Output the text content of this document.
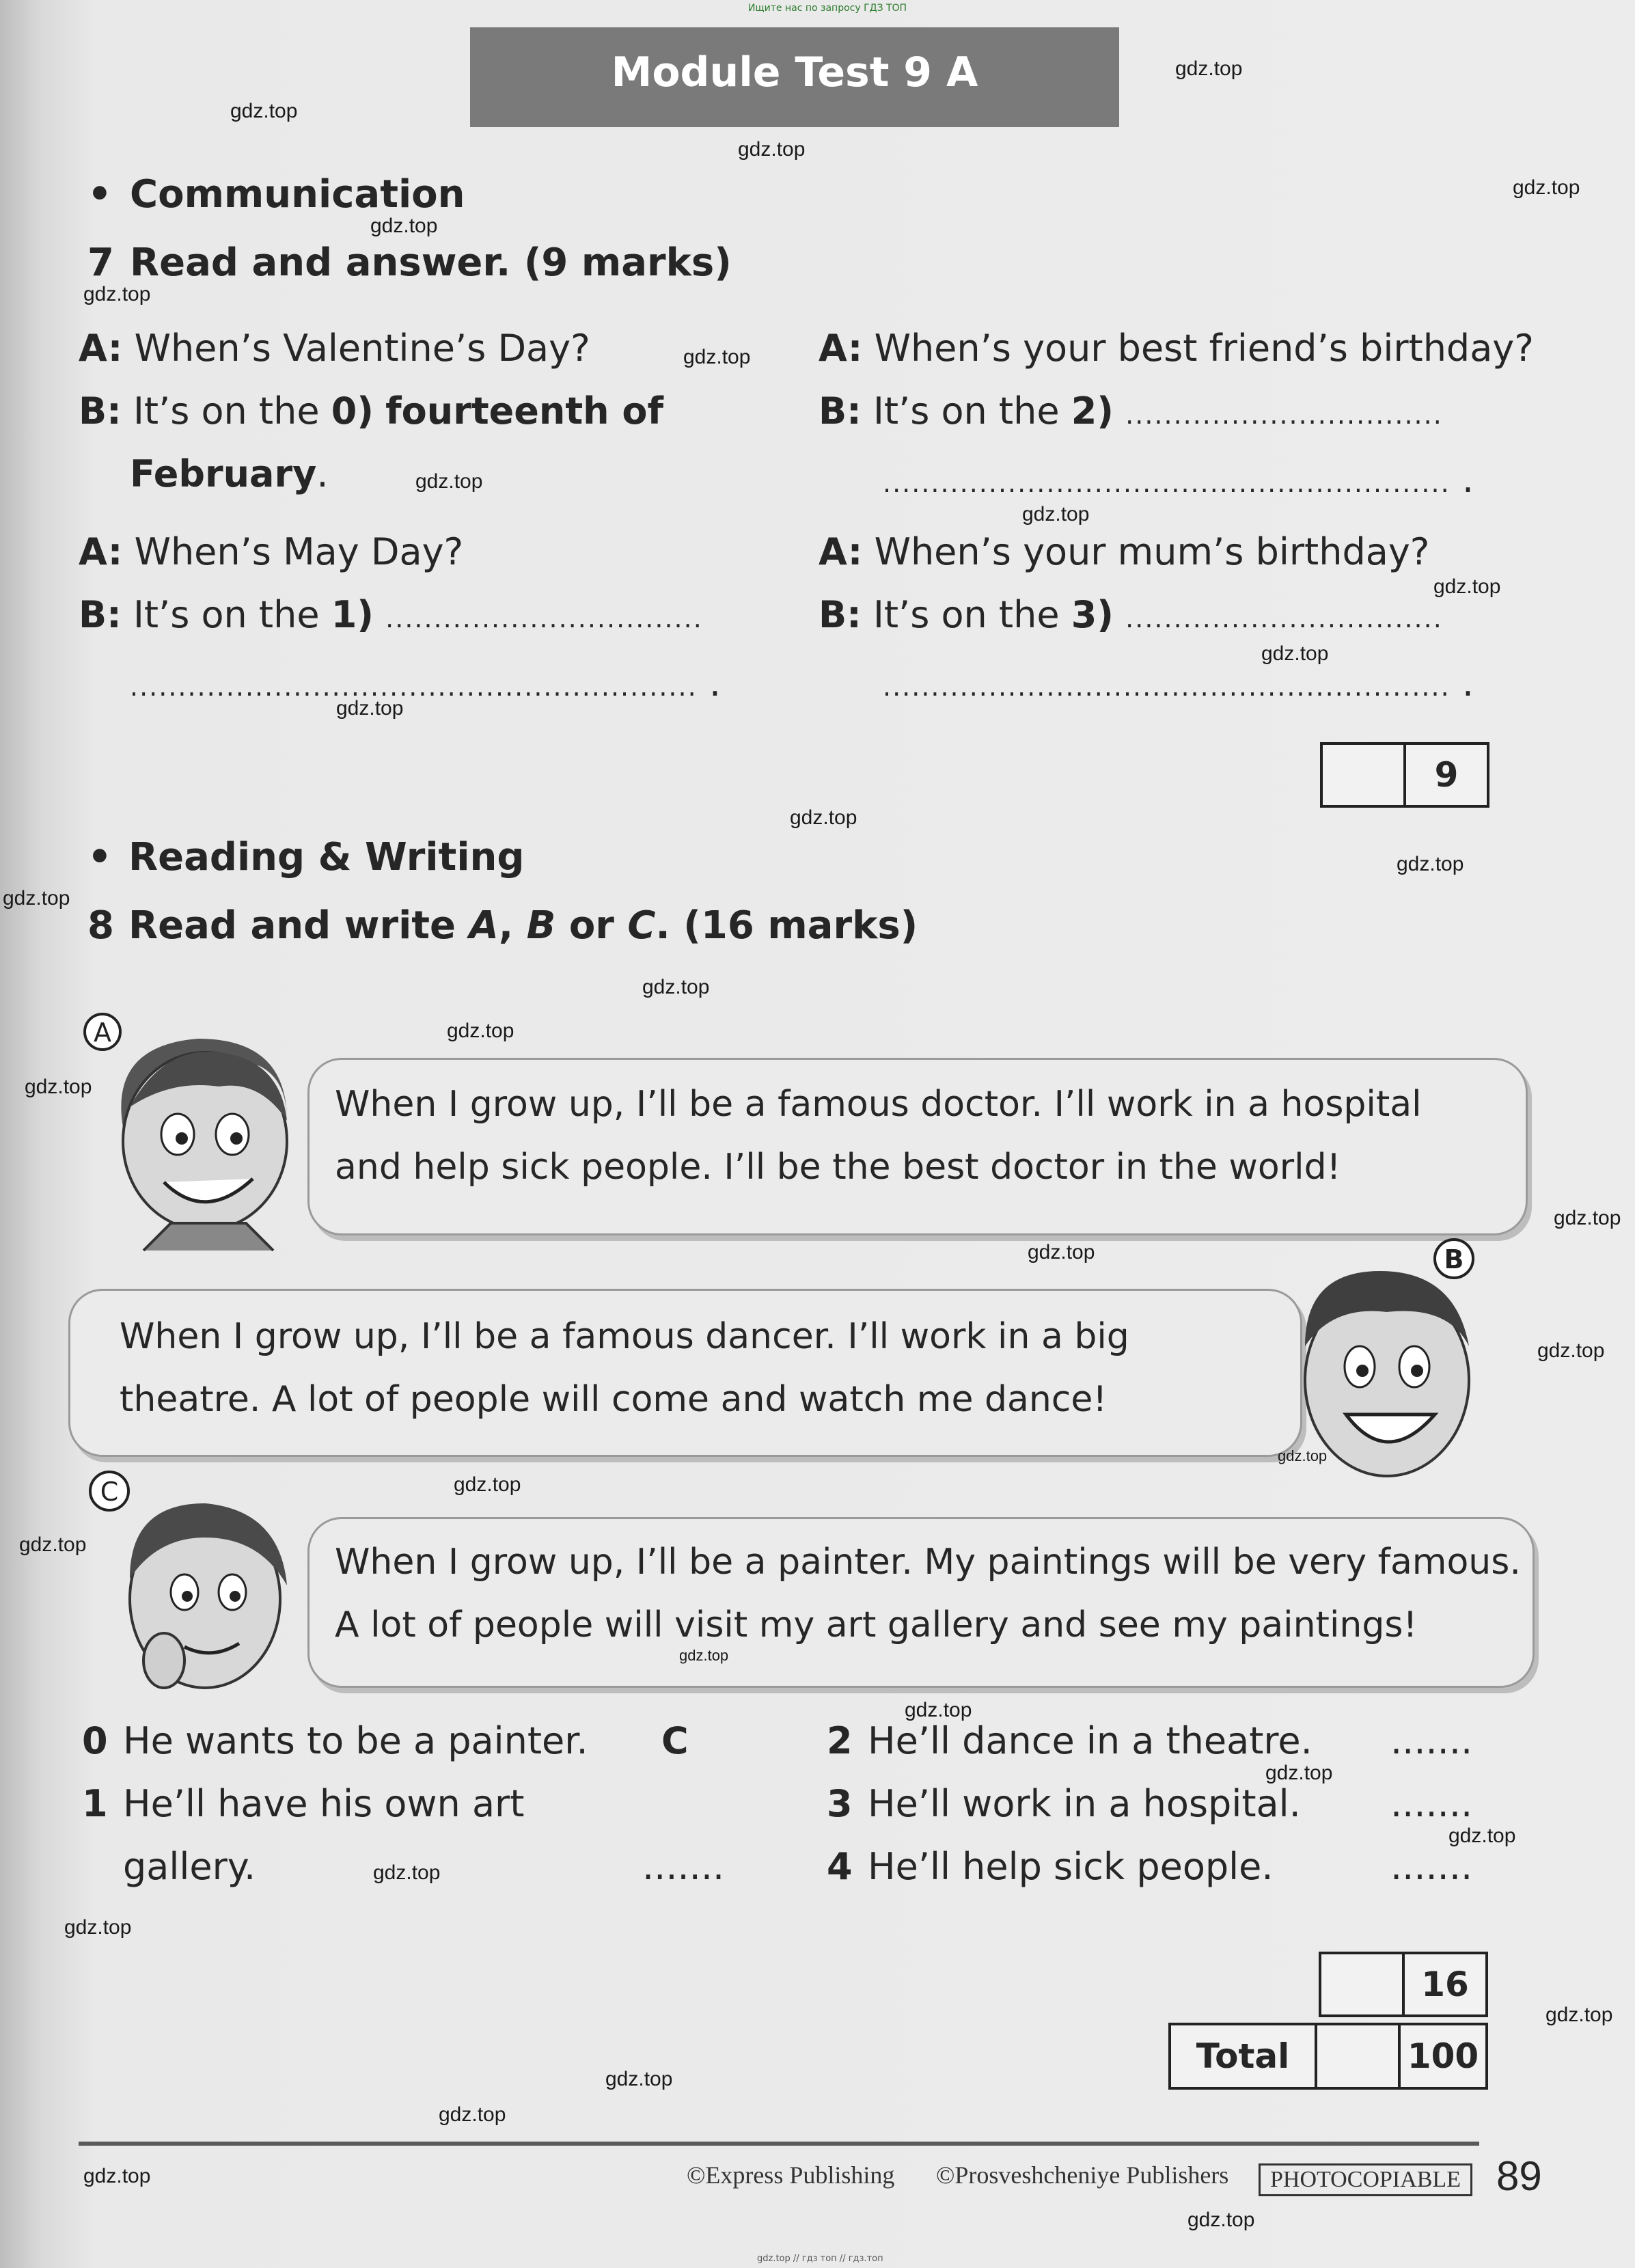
Ищите нас по запросу ГДЗ ТОП
Module Test 9 A
• Communication
7 Read and answer. (9 marks)
A: When’s Valentine’s Day?
B: It’s on the 0) fourteenth of
February.
A: When’s May Day?
B: It’s on the 1) .................................
........................................................... .
A: When’s your best friend’s birthday?
B: It’s on the 2) .................................
........................................................... .
A: When’s your mum’s birthday?
B: It’s on the 3) .................................
........................................................... .
9
• Reading & Writing
8 Read and write A, B or C. (16 marks)
When I grow up, I’ll be a famous doctor. I’ll work in a hospital
and help sick people. I’ll be the best doctor in the world!
A
When I grow up, I’ll be a famous dancer. I’ll work in a big
theatre. A lot of people will come and watch me dance!
B
When I grow up, I’ll be a painter. My paintings will be very famous.
A lot of people will visit my art gallery and see my paintings!
C
0 He wants to be a painter. C
1 He’ll have his own art
gallery.	.......
2 He’ll dance in a theatre. .......
3 He’ll work in a hospital. .......
4 He’ll help sick people.	.......
16
Total	100
©Express Publishing ©Prosveshcheniye Publishers	PHOTOCOPIABLE 89
gdz.top // гдз топ // гдз.топ
gdz.top
gdz.top
gdz.top
gdz.top
gdz.top
gdz.top
gdz.top
gdz.top
gdz.top
gdz.top
gdz.top
gdz.top
gdz.top
gdz.top
gdz.top
gdz.top
gdz.top
gdz.top
gdz.top
gdz.top
gdz.top
gdz.top
gdz.top
gdz.top
gdz.top
gdz.top
gdz.top
gdz.top
gdz.top
gdz.top
gdz.top
gdz.top
gdz.top
gdz.top
gdz.top
